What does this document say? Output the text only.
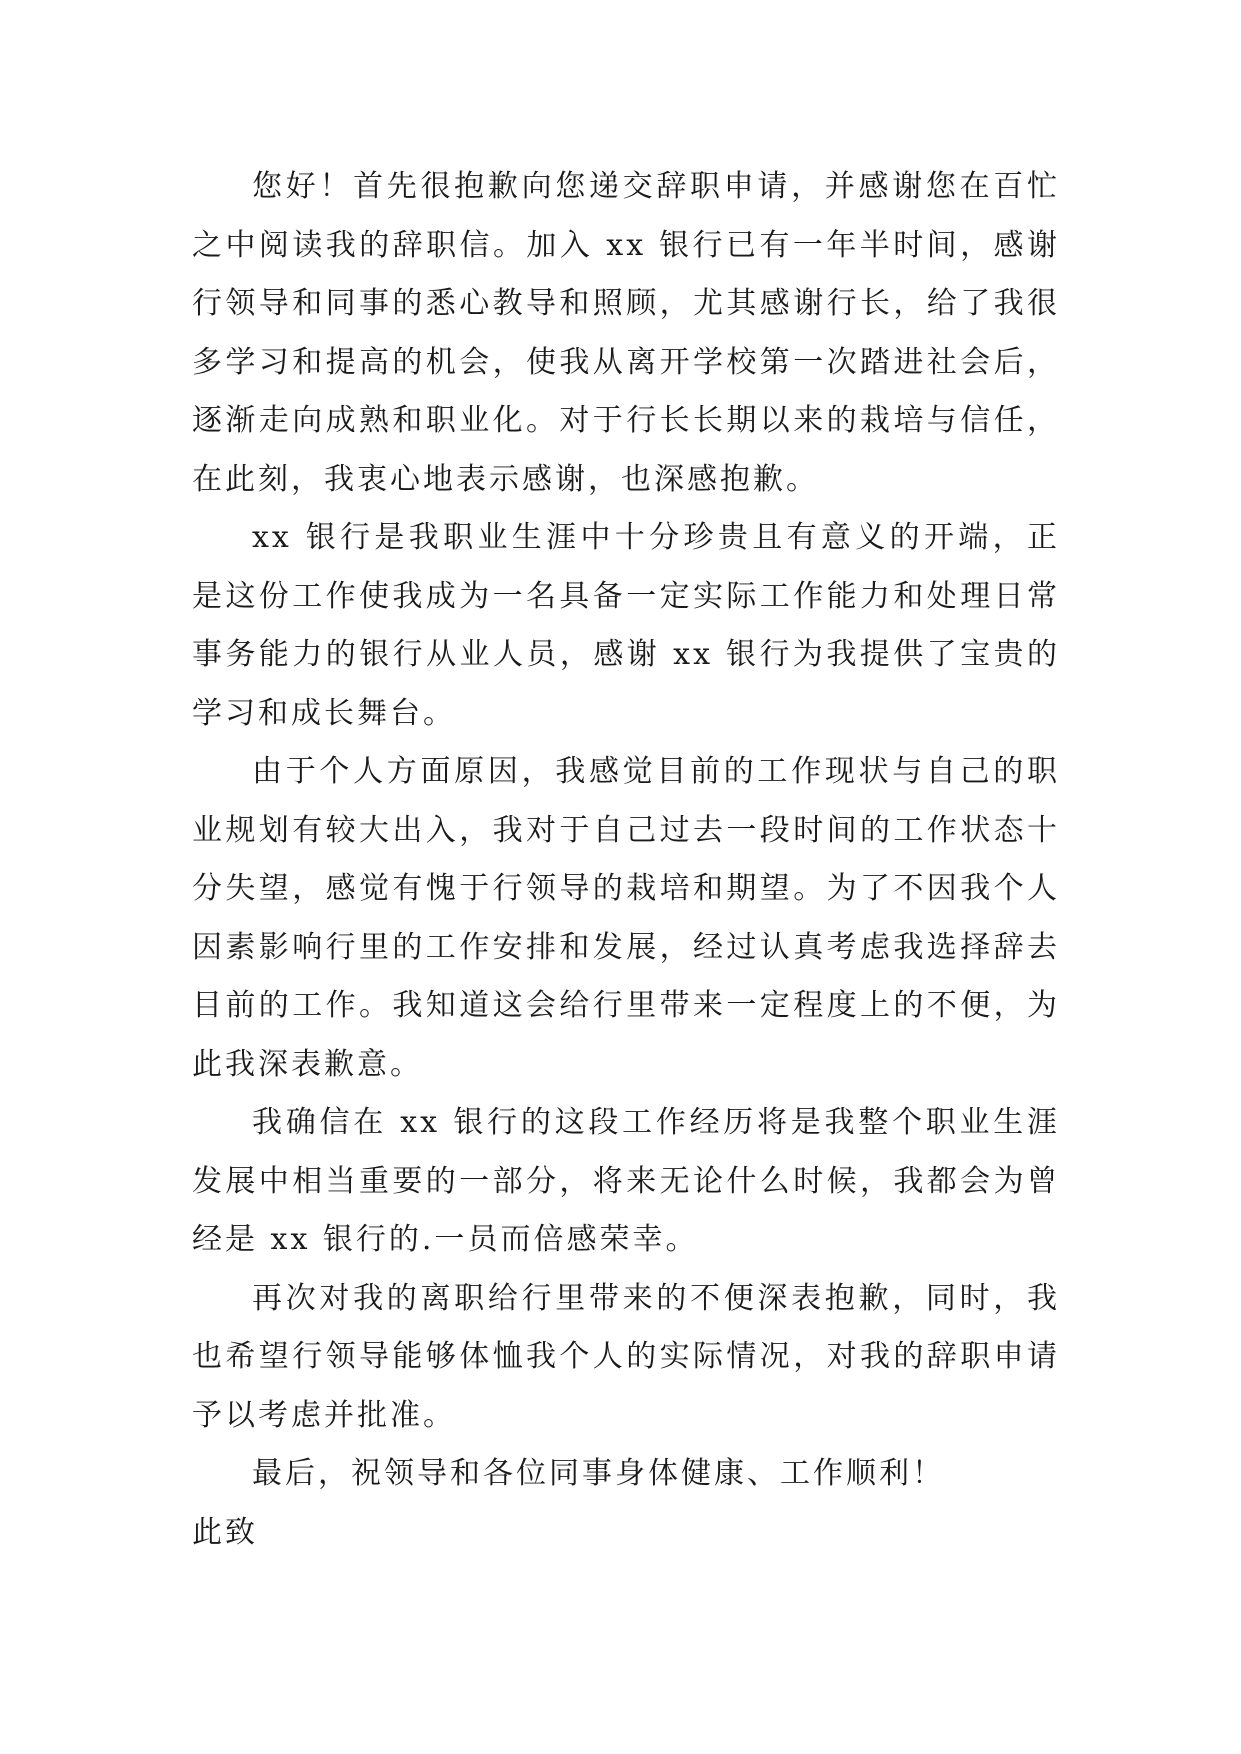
您好！首先很抱歉向您递交辞职申请，并感谢您在百忙之中阅读我的辞职信。加入 xx 银行已有一年半时间，感谢行领导和同事的悉心教导和照顾，尤其感谢行长，给了我很多学习和提高的机会，使我从离开学校第一次踏进社会后，逐渐走向成熟和职业化。对于行长长期以来的栽培与信任，在此刻，我衷心地表示感谢，也深感抱歉。

xx 银行是我职业生涯中十分珍贵且有意义的开端，正是这份工作使我成为一名具备一定实际工作能力和处理日常事务能力的银行从业人员，感谢 xx 银行为我提供了宝贵的学习和成长舞台。

由于个人方面原因，我感觉目前的工作现状与自己的职业规划有较大出入，我对于自己过去一段时间的工作状态十分失望，感觉有愧于行领导的栽培和期望。为了不因我个人因素影响行里的工作安排和发展，经过认真考虑我选择辞去目前的工作。我知道这会给行里带来一定程度上的不便，为此我深表歉意。

我确信在 xx 银行的这段工作经历将是我整个职业生涯发展中相当重要的一部分，将来无论什么时候，我都会为曾经是 xx 银行的.一员而倍感荣幸。

再次对我的离职给行里带来的不便深表抱歉，同时，我也希望行领导能够体恤我个人的实际情况，对我的辞职申请予以考虑并批准。

最后，祝领导和各位同事身体健康、工作顺利！

此致
